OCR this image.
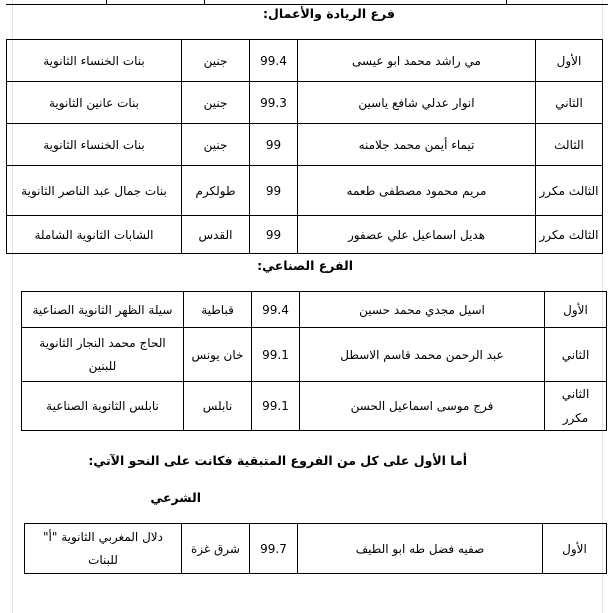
فرع الريادة والأعمال:
الأول	مي راشد محمد ابو عيسى	99.4	جنين	بنات الخنساء الثانوية
الثاني	انوار عدلي شافع ياسين	99.3	جنين	بنات عانين الثانوية
الثالث	تيماء أيمن محمد جلامنه	99	جنين	بنات الخنساء الثانوية
الثالث مكرر	مريم محمود مصطفى طعمه	99	طولكرم	بنات جمال عبد الناصر الثانوية
الثالث مكرر	هديل اسماعيل علي عصفور	99	القدس	الشابات الثانوية الشاملة
الفرع الصناعي:
الأول	اسيل مجدي محمد حسين	99.4	قباطية	سيلة الظهر الثانوية الصناعية
الثاني	عبد الرحمن محمد قاسم الاسطل	99.1	خان يونس	الحاج محمد النجار الثانوية للبنين
الثاني مكرر	فرج موسى اسماعيل الحسن	99.1	نابلس	نابلس الثانوية الصناعية
أما الأول على كل من الفروع المتبقية فكانت على النحو الآتي:
الشرعي
الأول	صفيه فضل طه ابو الطيف	99.7	شرق غزة	دلال المغربي الثانوية "أ" للبنات
